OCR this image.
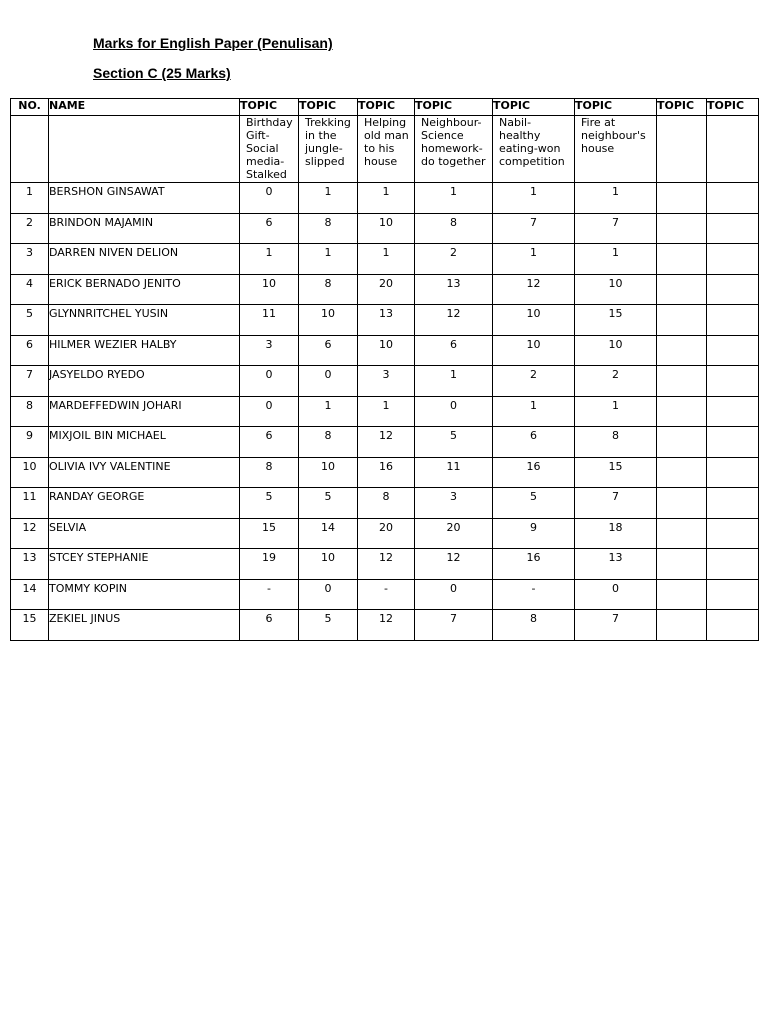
Marks for English Paper (Penulisan)

Section C (25 Marks)

NO.	NAME	TOPIC	TOPIC	TOPIC	TOPIC	TOPIC	TOPIC	TOPIC	TOPIC

		Birthday Gift- Social media- Stalked	Trekking in the jungle- slipped	Helping old man to his house	Neighbour- Science homework- do together	Nabil- healthy eating-won competition	Fire at neighbour's house		

1	BERSHON GINSAWAT	0	1	1	1	1	1		
2	BRINDON MAJAMIN	6	8	10	8	7	7		
3	DARREN NIVEN DELION	1	1	1	2	1	1		
4	ERICK BERNADO JENITO	10	8	20	13	12	10		
5	GLYNNRITCHEL YUSIN	11	10	13	12	10	15		
6	HILMER WEZIER HALBY	3	6	10	6	10	10		
7	JASYELDO RYEDO	0	0	3	1	2	2		
8	MARDEFFEDWIN JOHARI	0	1	1	0	1	1		
9	MIXJOIL BIN MICHAEL	6	8	12	5	6	8		
10	OLIVIA IVY VALENTINE	8	10	16	11	16	15		
11	RANDAY GEORGE	5	5	8	3	5	7		
12	SELVIA	15	14	20	20	9	18		
13	STCEY STEPHANIE	19	10	12	12	16	13		
14	TOMMY KOPIN	-	0	-	0	-	0		
15	ZEKIEL JINUS	6	5	12	7	8	7		
